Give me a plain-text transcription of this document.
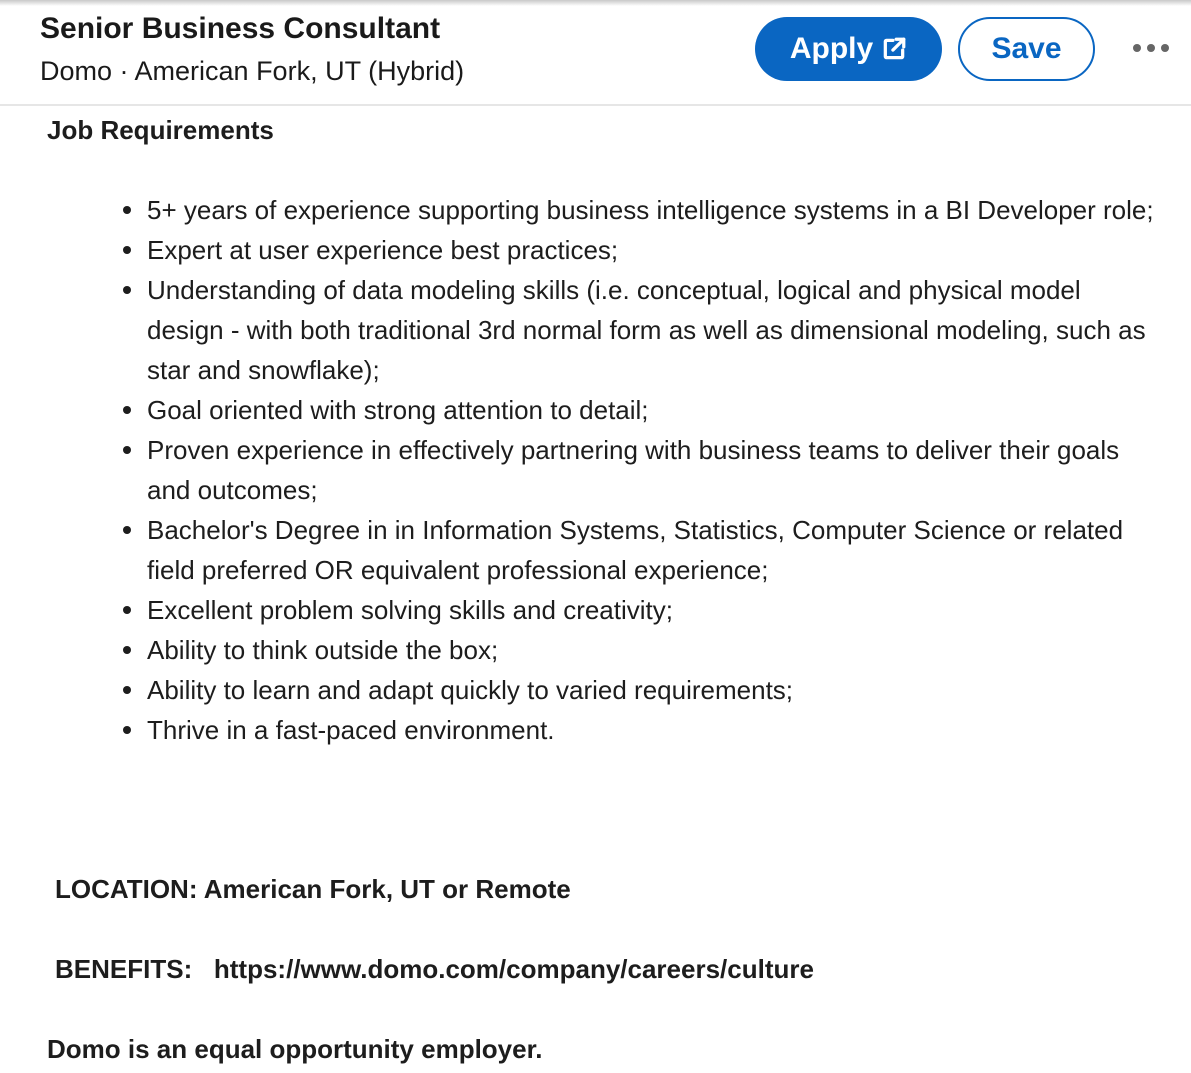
Senior Business Consultant
Domo · American Fork, UT (Hybrid)
Apply	Save
Job Requirements
5+ years of experience supporting business intelligence systems in a BI Developer role;
Expert at user experience best practices;
Understanding of data modeling skills (i.e. conceptual, logical and physical model design - with both traditional 3rd normal form as well as dimensional modeling, such as star and snowflake);
Goal oriented with strong attention to detail;
Proven experience in effectively partnering with business teams to deliver their goals and outcomes;
Bachelor's Degree in in Information Systems, Statistics, Computer Science or related field preferred OR equivalent professional experience;
Excellent problem solving skills and creativity;
Ability to think outside the box;
Ability to learn and adapt quickly to varied requirements;
Thrive in a fast-paced environment.
LOCATION: American Fork, UT or Remote
BENEFITS:   https://www.domo.com/company/careers/culture
Domo is an equal opportunity employer.
